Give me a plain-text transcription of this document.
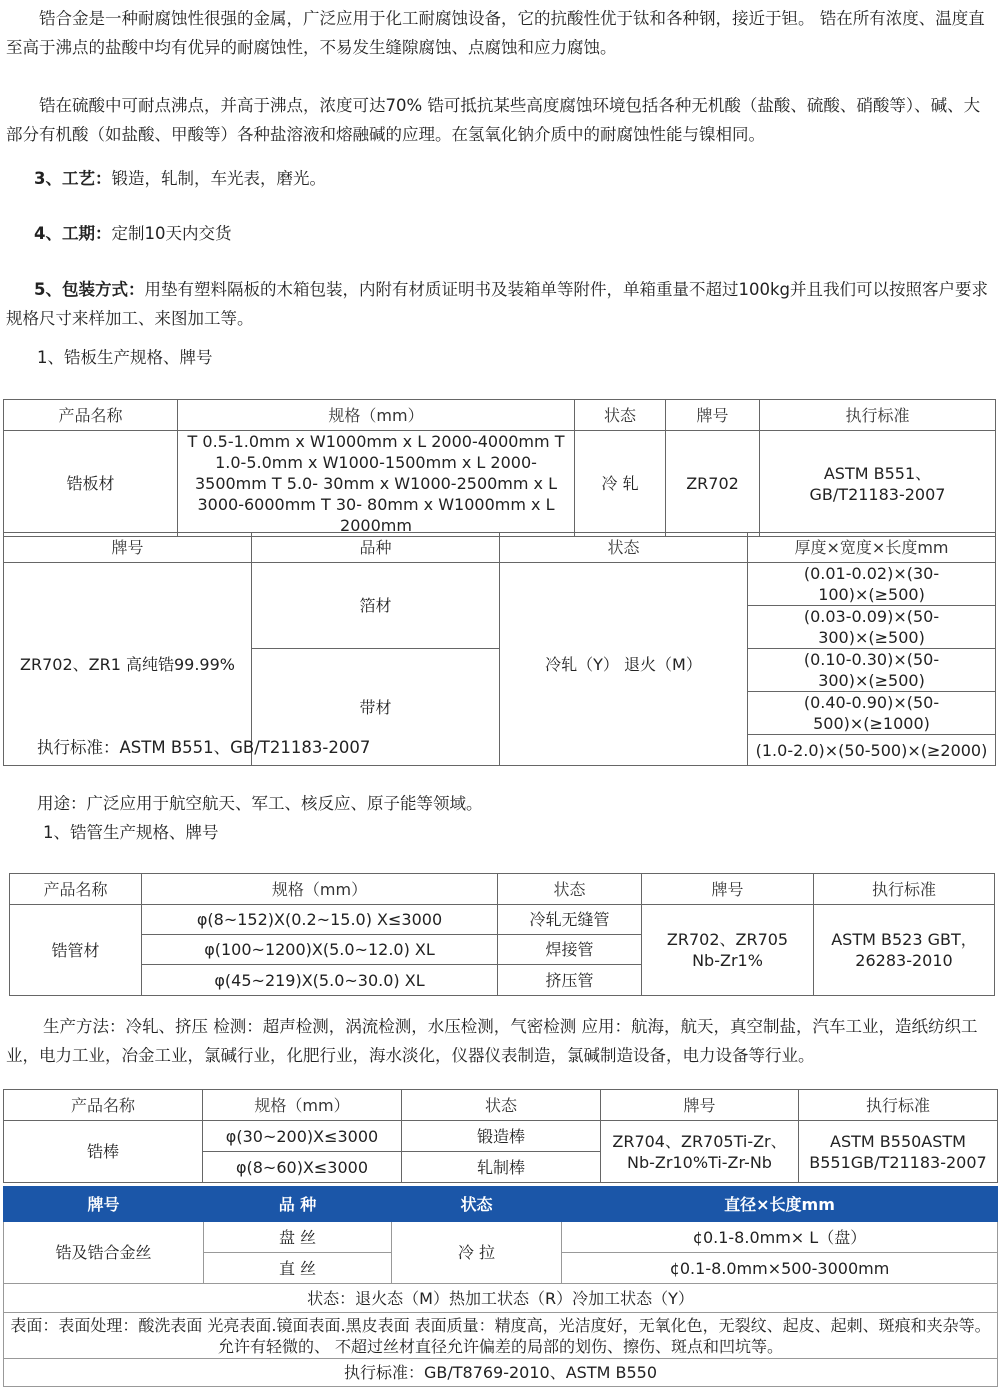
锆合金是一种耐腐蚀性很强的金属，广泛应用于化工耐腐蚀设备，它的抗酸性优于钛和各种钢，接近于钽。 锆在所有浓度、温度直至高于沸点的盐酸中均有优异的耐腐蚀性，不易发生缝隙腐蚀、点腐蚀和应力腐蚀。

锆在硫酸中可耐点沸点，并高于沸点，浓度可达70% 锆可抵抗某些高度腐蚀环境包括各种无机酸（盐酸、硫酸、硝酸等）、碱、大部分有机酸（如盐酸、甲酸等）各种盐溶液和熔融碱的应理。在氢氧化钠介质中的耐腐蚀性能与镍相同。

3、工艺：锻造，轧制，车光表，磨光。

4、工期：定制10天内交货

5、包装方式：用垫有塑料隔板的木箱包装，内附有材质证明书及装箱单等附件，单箱重量不超过100kg并且我们可以按照客户要求规格尺寸来样加工、来图加工等。

1、锆板生产规格、牌号

产品名称	规格（mm）	状态	牌号	执行标准
锆板材	T 0.5-1.0mm x W1000mm x L 2000-4000mm T 1.0-5.0mm x W1000-1500mm x L 2000-3500mm T 5.0- 30mm x W1000-2500mm x L 3000-6000mm T 30- 80mm x W1000mm x L 2000mm	冷 轧	ZR702	ASTM B551、GB/T21183-2007
牌号	品种	状态	厚度×宽度×长度mm
ZR702、ZR1 高纯锆99.99%	箔材	冷轧（Y） 退火（M）	(0.01-0.02)×(30-100)×(≥500)
			(0.03-0.09)×(50-300)×(≥500)
	带材		(0.10-0.30)×(50-300)×(≥500)
			(0.40-0.90)×(50-500)×(≥1000)
			(1.0-2.0)×(50-500)×(≥2000)

执行标准：ASTM B551、GB/T21183-2007

用途：广泛应用于航空航天、军工、核反应、原子能等领域。

1、锆管生产规格、牌号

产品名称	规格（mm）	状态	牌号	执行标准
锆管材	φ(8~152)X(0.2~15.0) X≤3000	冷轧无缝管	ZR702、ZR705 Nb-Zr1%	ASTM B523 GBT，26283-2010
	φ(100~1200)X(5.0~12.0) XL	焊接管		
	φ(45~219)X(5.0~30.0) XL	挤压管		

生产方法：冷轧、挤压 检测：超声检测，涡流检测，水压检测，气密检测 应用：航海，航天，真空制盐，汽车工业，造纸纺织工业，电力工业，冶金工业，氯碱行业，化肥行业，海水淡化，仪器仪表制造，氯碱制造设备，电力设备等行业。

产品名称	规格（mm）	状态	牌号	执行标准
锆棒	φ(30~200)X≤3000	锻造棒	ZR704、ZR705Ti-Zr、Nb-Zr10%Ti-Zr-Nb	ASTM B550ASTM B551GB/T21183-2007
	φ(8~60)X≤3000	轧制棒		
牌号	品 种	状态	直径×长度mm
锆及锆合金丝	盘 丝	冷 拉	¢0.1-8.0mm× L（盘）
	直 丝		¢0.1-8.0mm×500-3000mm
状态：退火态（M）热加工状态（R）冷加工状态（Y）			
表面：表面处理：酸洗表面 光亮表面.镜面表面.黑皮表面 表面质量：精度高，光洁度好，无氧化色，无裂纹、起皮、起刺、斑痕和夹杂等。允许有轻微的、 不超过丝材直径允许偏差的局部的划伤、擦伤、斑点和凹坑等。			
执行标准：GB/T8769-2010、ASTM B550			
